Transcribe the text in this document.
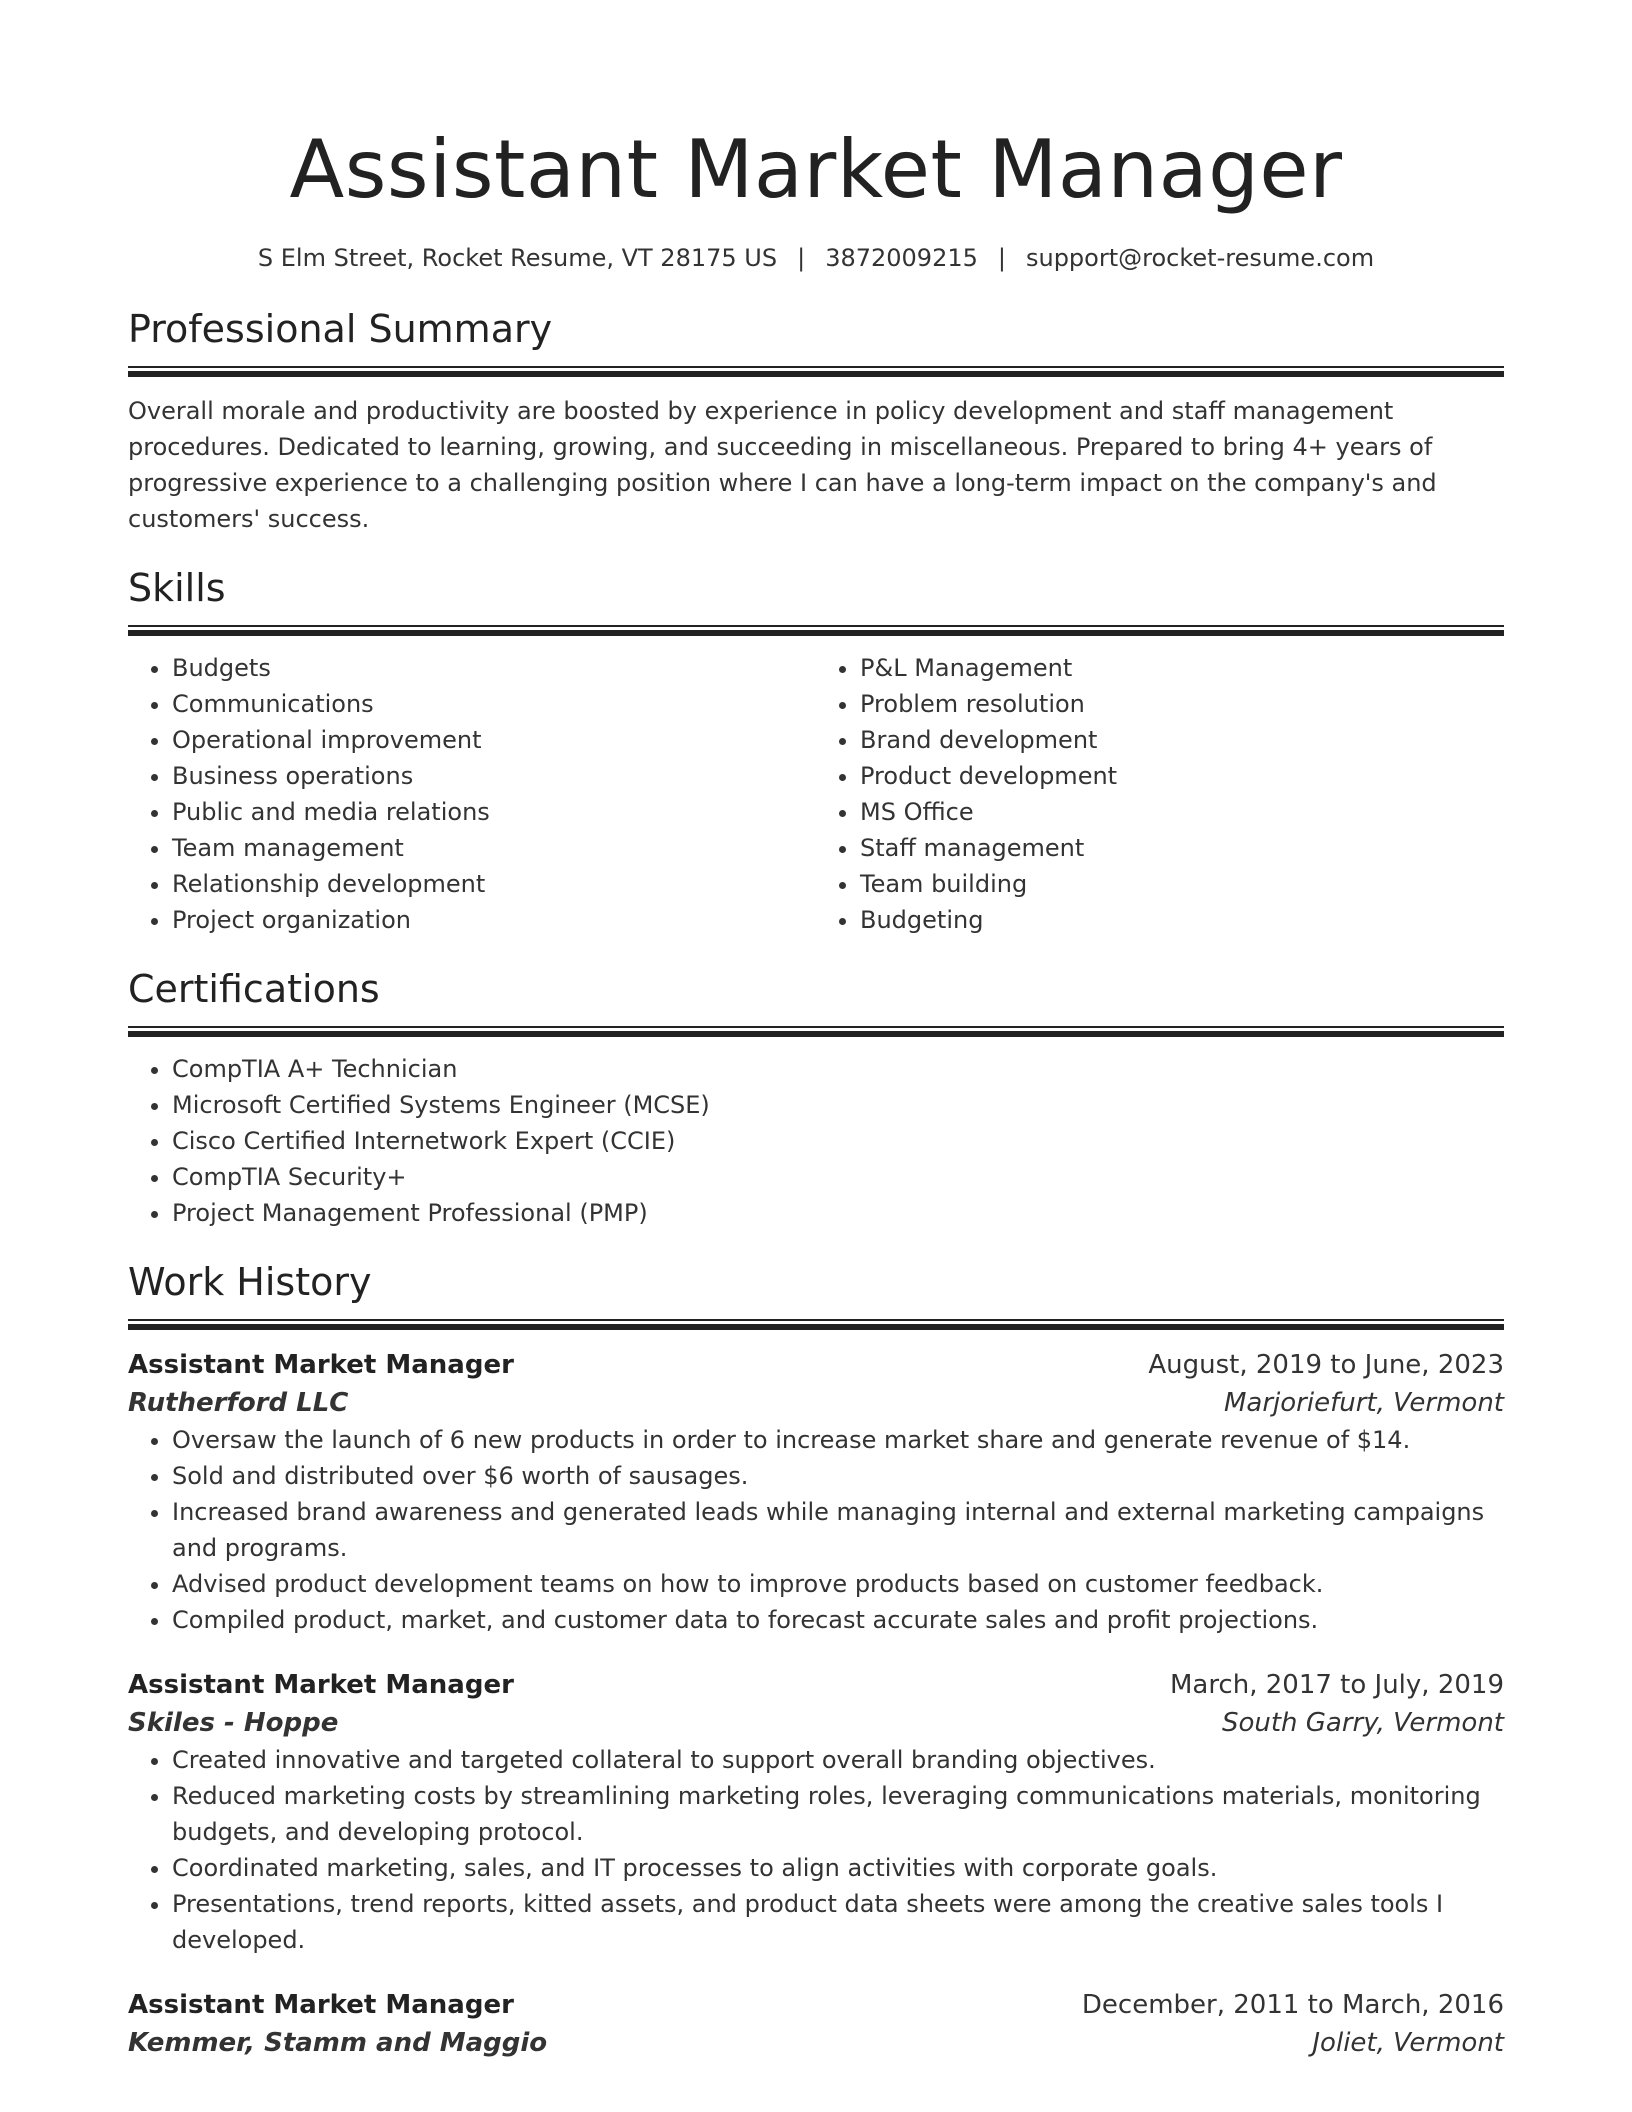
Assistant Market Manager
S Elm Street, Rocket Resume, VT 28175 US | 3872009215 | support@rocket-resume.com
Professional Summary

Overall morale and productivity are boosted by experience in policy development and staff management procedures. Dedicated to learning, growing, and succeeding in miscellaneous. Prepared to bring 4+ years of progressive experience to a challenging position where I can have a long-term impact on the company's and customers' success.

Skills
• Budgets
• Communications
• Operational improvement
• Business operations
• Public and media relations
• Team management
• Relationship development
• Project organization
• P&L Management
• Problem resolution
• Brand development
• Product development
• MS Office
• Staff management
• Team building
• Budgeting
Certifications
• CompTIA A+ Technician
• Microsoft Certified Systems Engineer (MCSE)
• Cisco Certified Internetwork Expert (CCIE)
• CompTIA Security+
• Project Management Professional (PMP)
Work History
Assistant Market Manager	August, 2019 to June, 2023
Rutherford LLC	Marjoriefurt, Vermont
• Oversaw the launch of 6 new products in order to increase market share and generate revenue of $14.
• Sold and distributed over $6 worth of sausages.
• Increased brand awareness and generated leads while managing internal and external marketing campaigns and programs.
• Advised product development teams on how to improve products based on customer feedback.
• Compiled product, market, and customer data to forecast accurate sales and profit projections.
Assistant Market Manager	March, 2017 to July, 2019
Skiles - Hoppe	South Garry, Vermont
• Created innovative and targeted collateral to support overall branding objectives.
• Reduced marketing costs by streamlining marketing roles, leveraging communications materials, monitoring budgets, and developing protocol.
• Coordinated marketing, sales, and IT processes to align activities with corporate goals.
• Presentations, trend reports, kitted assets, and product data sheets were among the creative sales tools I developed.
Assistant Market Manager	December, 2011 to March, 2016
Kemmer, Stamm and Maggio	Joliet, Vermont
